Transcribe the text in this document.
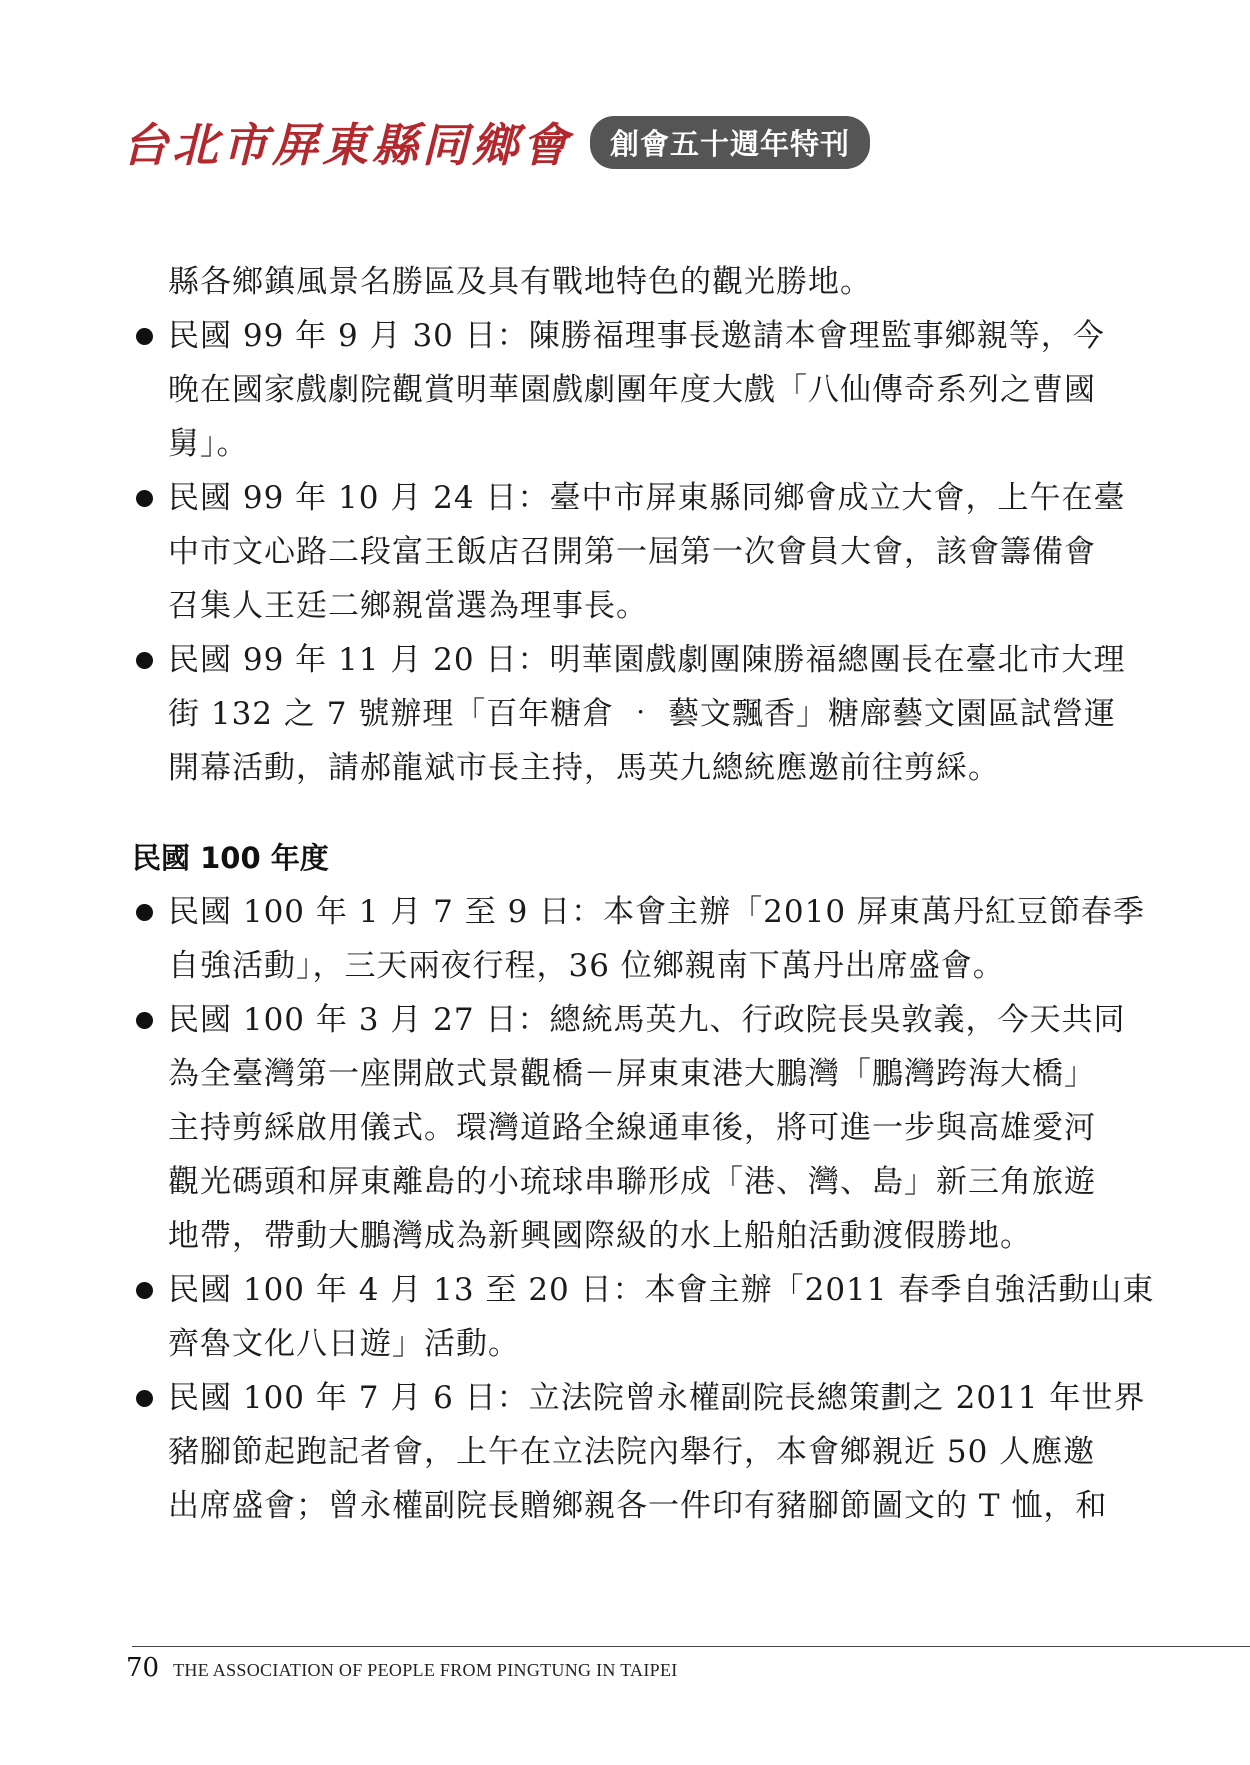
台北市屏東縣同鄉會	創會五十週年特刊
縣各鄉鎮風景名勝區及具有戰地特色的觀光勝地。
民國 99 年 9 月 30 日：陳勝福理事長邀請本會理監事鄉親等，今
晚在國家戲劇院觀賞明華園戲劇團年度大戲「八仙傳奇系列之曹國
舅」。
民國 99 年 10 月 24 日：臺中市屏東縣同鄉會成立大會，上午在臺
中市文心路二段富王飯店召開第一屆第一次會員大會，該會籌備會
召集人王廷二鄉親當選為理事長。
民國 99 年 11 月 20 日：明華園戲劇團陳勝福總團長在臺北市大理
街 132 之 7 號辦理「百年糖倉 ‧ 藝文飄香」糖廍藝文園區試營運
開幕活動，請郝龍斌市長主持，馬英九總統應邀前往剪綵。
民國 100 年度
民國 100 年 1 月 7 至 9 日：本會主辦「2010 屏東萬丹紅豆節春季
自強活動」，三天兩夜行程，36 位鄉親南下萬丹出席盛會。
民國 100 年 3 月 27 日：總統馬英九、行政院長吳敦義，今天共同
為全臺灣第一座開啟式景觀橋－屏東東港大鵬灣「鵬灣跨海大橋」
主持剪綵啟用儀式。環灣道路全線通車後，將可進一步與高雄愛河
觀光碼頭和屏東離島的小琉球串聯形成「港、灣、島」新三角旅遊
地帶，帶動大鵬灣成為新興國際級的水上船舶活動渡假勝地。
民國 100 年 4 月 13 至 20 日：本會主辦「2011 春季自強活動山東
齊魯文化八日遊」活動。
民國 100 年 7 月 6 日：立法院曾永權副院長總策劃之 2011 年世界
豬腳節起跑記者會，上午在立法院內舉行，本會鄉親近 50 人應邀
出席盛會；曾永權副院長贈鄉親各一件印有豬腳節圖文的 T 恤，和
70 THE ASSOCIATION OF PEOPLE FROM PINGTUNG IN TAIPEI
